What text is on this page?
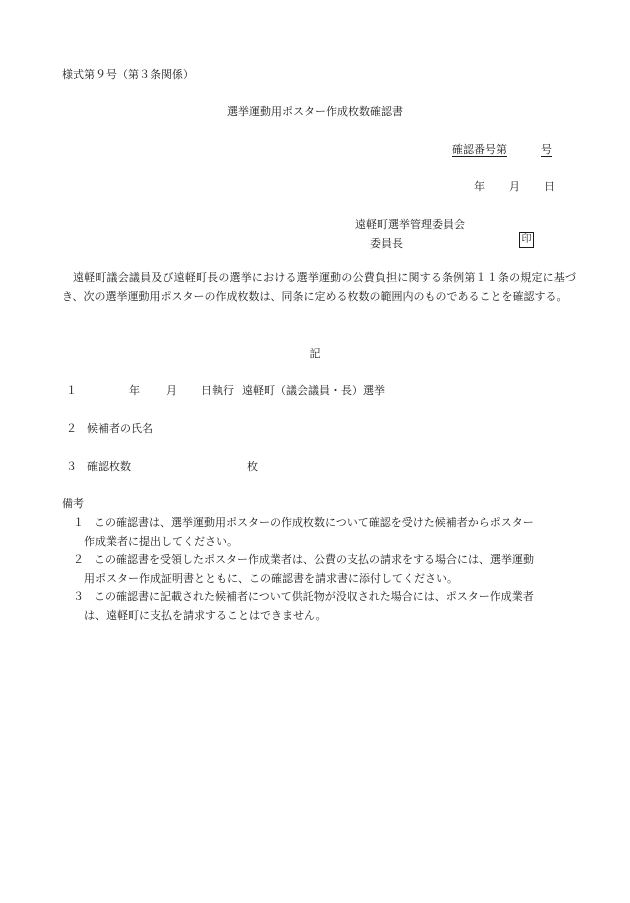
様式第９号（第３条関係）
選挙運動用ポスター作成枚数確認書
確認番号第	号
年 月 日
遠軽町選挙管理委員会
委員長	印
遠軽町議会議員及び遠軽町長の選挙における選挙運動の公費負担に関する条例第１１条の規定に基づき、次の選挙運動用ポスターの作成枚数は、同条に定める枚数の範囲内のものであることを確認する。
記
１	年 月 日執行 遠軽町（議会議員・長）選挙
２ 候補者の氏名
３ 確認枚数	枚
備考
１ この確認書は、選挙運動用ポスターの作成枚数について確認を受けた候補者からポスター
作成業者に提出してください。
２ この確認書を受領したポスター作成業者は、公費の支払の請求をする場合には、選挙運動
用ポスター作成証明書とともに、この確認書を請求書に添付してください。
３ この確認書に記載された候補者について供託物が没収された場合には、ポスター作成業者
は、遠軽町に支払を請求することはできません。
